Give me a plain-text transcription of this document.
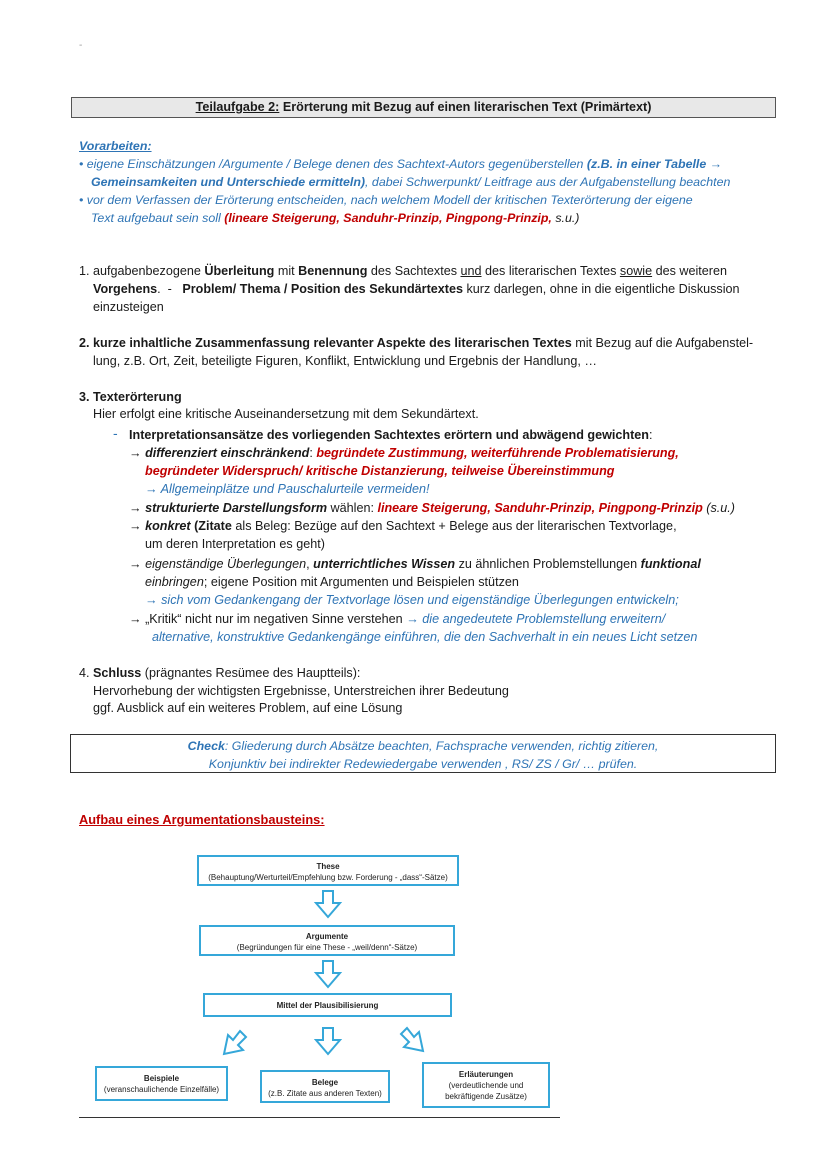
-
Teilaufgabe 2: Erörterung mit Bezug auf einen literarischen Text (Primärtext)
Vorarbeiten:
• eigene Einschätzungen /Argumente / Belege denen des Sachtext-Autors gegenüberstellen (z.B. in einer Tabelle →
Gemeinsamkeiten und Unterschiede ermitteln), dabei Schwerpunkt/ Leitfrage aus der Aufgabenstellung beachten
• vor dem Verfassen der Erörterung entscheiden, nach welchem Modell der kritischen Texterörterung der eigene
Text aufgebaut sein soll (lineare Steigerung, Sanduhr-Prinzip, Pingpong-Prinzip, s.u.)
1. aufgabenbezogene Überleitung mit Benennung des Sachtextes und des literarischen Textes sowie des weiteren
Vorgehens.  -   Problem/ Thema / Position des Sekundärtextes kurz darlegen, ohne in die eigentliche Diskussion
einzusteigen
2. kurze inhaltliche Zusammenfassung relevanter Aspekte des literarischen Textes mit Bezug auf die Aufgabenstel-
lung, z.B. Ort, Zeit, beteiligte Figuren, Konflikt, Entwicklung und Ergebnis der Handlung, …
3. Texterörterung
Hier erfolgt eine kritische Auseinandersetzung mit dem Sekundärtext.
- Interpretationsansätze des vorliegenden Sachtextes erörtern und abwägend gewichten:
→ differenziert einschränkend: begründete Zustimmung, weiterführende Problematisierung,
begründeter Widerspruch/ kritische Distanzierung, teilweise Übereinstimmung
→ Allgemeinplätze und Pauschalurteile vermeiden!
→ strukturierte Darstellungsform wählen: lineare Steigerung, Sanduhr-Prinzip, Pingpong-Prinzip (s.u.)
→ konkret (Zitate als Beleg: Bezüge auf den Sachtext + Belege aus der literarischen Textvorlage,
um deren Interpretation es geht)
→ eigenständige Überlegungen, unterrichtliches Wissen zu ähnlichen Problemstellungen funktional
einbringen; eigene Position mit Argumenten und Beispielen stützen
→ sich vom Gedankengang der Textvorlage lösen und eigenständige Überlegungen entwickeln;
→ „Kritik“ nicht nur im negativen Sinne verstehen → die angedeutete Problemstellung erweitern/
alternative, konstruktive Gedankengänge einführen, die den Sachverhalt in ein neues Licht setzen
4. Schluss (prägnantes Resümee des Hauptteils):
Hervorhebung der wichtigsten Ergebnisse, Unterstreichen ihrer Bedeutung
ggf. Ausblick auf ein weiteres Problem, auf eine Lösung
Check: Gliederung durch Absätze beachten, Fachsprache verwenden, richtig zitieren,
Konjunktiv bei indirekter Redewiedergabe verwenden , RS/ ZS / Gr/ … prüfen.
Aufbau eines Argumentationsbausteins:
These
(Behauptung/Werturteil/Empfehlung bzw. Forderung - „dass“-Sätze)
Argumente
(Begründungen für eine These - „weil/denn“-Sätze)
Mittel der Plausibilisierung
Beispiele
(veranschaulichende Einzelfälle)
Belege
(z.B. Zitate aus anderen Texten)
Erläuterungen
(verdeutlichende und
bekräftigende Zusätze)
